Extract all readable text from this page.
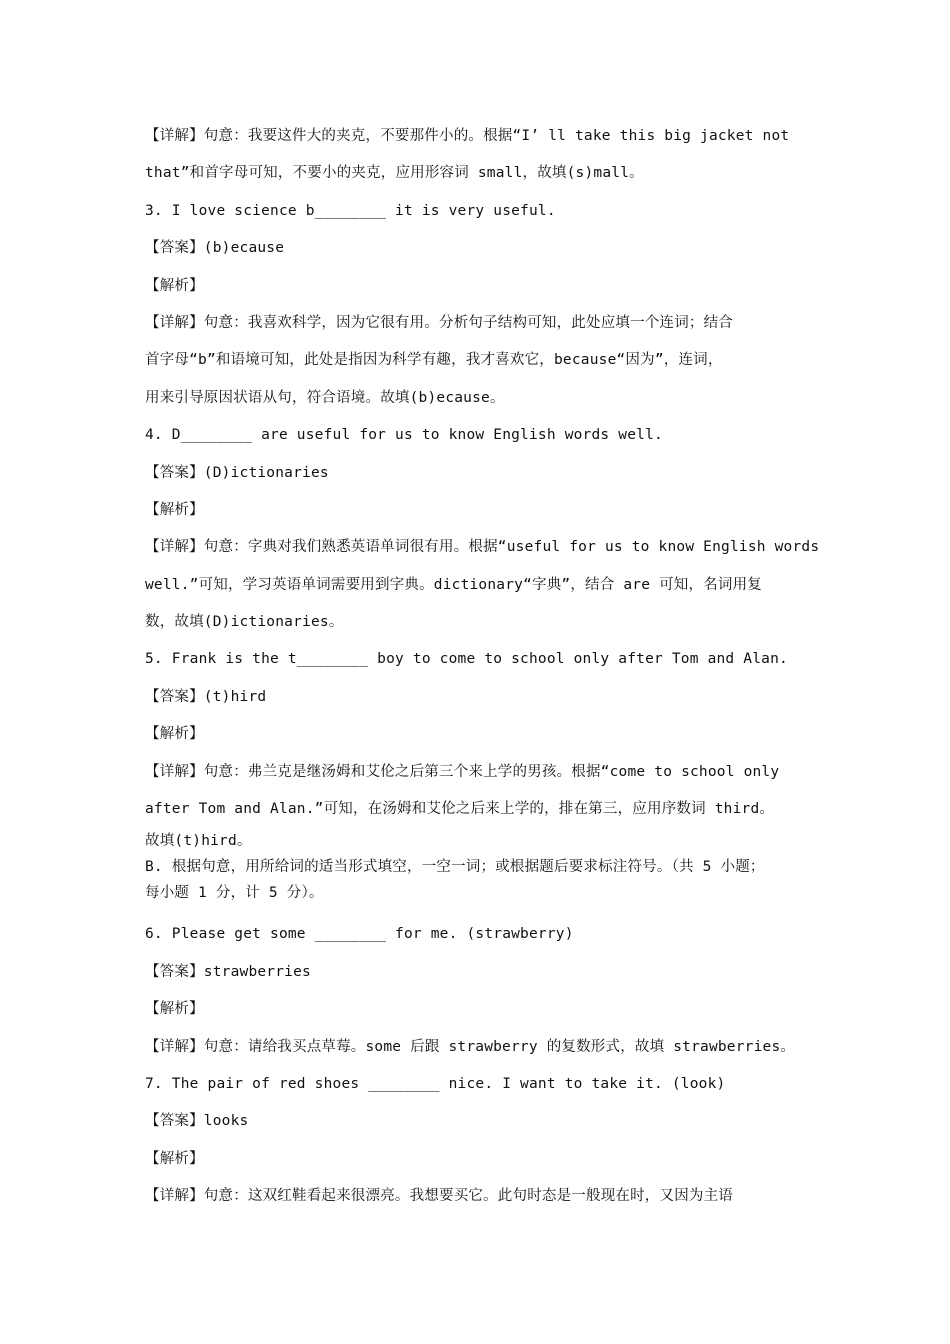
【详解】句意：我要这件大的夹克，不要那件小的。根据“I’ ll take this big jacket not
that”和首字母可知，不要小的夹克，应用形容词 small，故填(s)mall。
3. I love science b________ it is very useful.
【答案】(b)ecause
【解析】
【详解】句意：我喜欢科学，因为它很有用。分析句子结构可知，此处应填一个连词；结合
首字母“b”和语境可知，此处是指因为科学有趣，我才喜欢它，because“因为”，连词，
用来引导原因状语从句，符合语境。故填(b)ecause。
4. D________ are useful for us to know English words well.
【答案】(D)ictionaries
【解析】
【详解】句意：字典对我们熟悉英语单词很有用。根据“useful for us to know English words
well.”可知，学习英语单词需要用到字典。dictionary“字典”，结合 are 可知，名词用复
数，故填(D)ictionaries。
5. Frank is the t________ boy to come to school only after Tom and Alan.
【答案】(t)hird
【解析】
【详解】句意：弗兰克是继汤姆和艾伦之后第三个来上学的男孩。根据“come to school only
after Tom and Alan.”可知，在汤姆和艾伦之后来上学的，排在第三，应用序数词 third。
故填(t)hird。
B. 根据句意，用所给词的适当形式填空，一空一词；或根据题后要求标注符号。（共 5 小题；
每小题 1 分，计 5 分）。
6. Please get some ________ for me. (strawberry)
【答案】strawberries
【解析】
【详解】句意：请给我买点草莓。some 后跟 strawberry 的复数形式，故填 strawberries。
7. The pair of red shoes ________ nice. I want to take it. (look)
【答案】looks
【解析】
【详解】句意：这双红鞋看起来很漂亮。我想要买它。此句时态是一般现在时，又因为主语
